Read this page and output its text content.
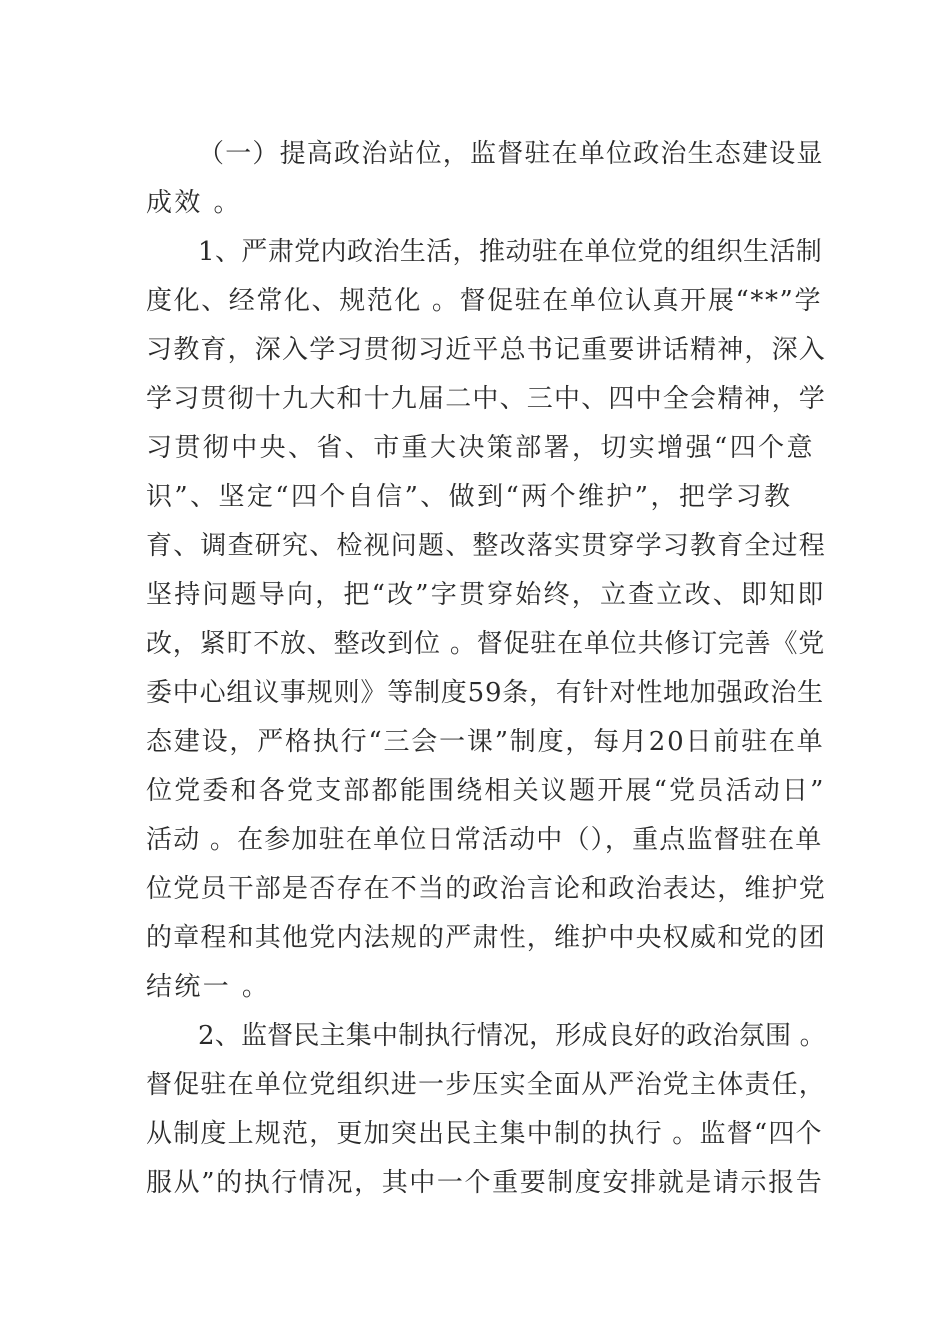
（一）提高政治站位，监督驻在单位政治生态建设显
成效 。
1、严肃党内政治生活，推动驻在单位党的组织生活制
度化、经常化、规范化 。督促驻在单位认真开展“**”学
习教育，深入学习贯彻习近平总书记重要讲话精神，深入
学习贯彻十九大和十九届二中、三中、四中全会精神，学
习贯彻中央、省、市重大决策部署，切实增强“四个意
识”、坚定“四个自信”、做到“两个维护”，把学习教
育、调查研究、检视问题、整改落实贯穿学习教育全过程
坚持问题导向，把“改”字贯穿始终，立查立改、即知即
改，紧盯不放、整改到位 。督促驻在单位共修订完善《党
委中心组议事规则》等制度59条，有针对性地加强政治生
态建设，严格执行“三会一课”制度，每月20日前驻在单
位党委和各党支部都能围绕相关议题开展“党员活动日”
活动 。在参加驻在单位日常活动中（），重点监督驻在单
位党员干部是否存在不当的政治言论和政治表达，维护党
的章程和其他党内法规的严肃性，维护中央权威和党的团
结统一 。
2、监督民主集中制执行情况，形成良好的政治氛围 。
督促驻在单位党组织进一步压实全面从严治党主体责任，
从制度上规范，更加突出民主集中制的执行 。监督“四个
服从”的执行情况，其中一个重要制度安排就是请示报告
